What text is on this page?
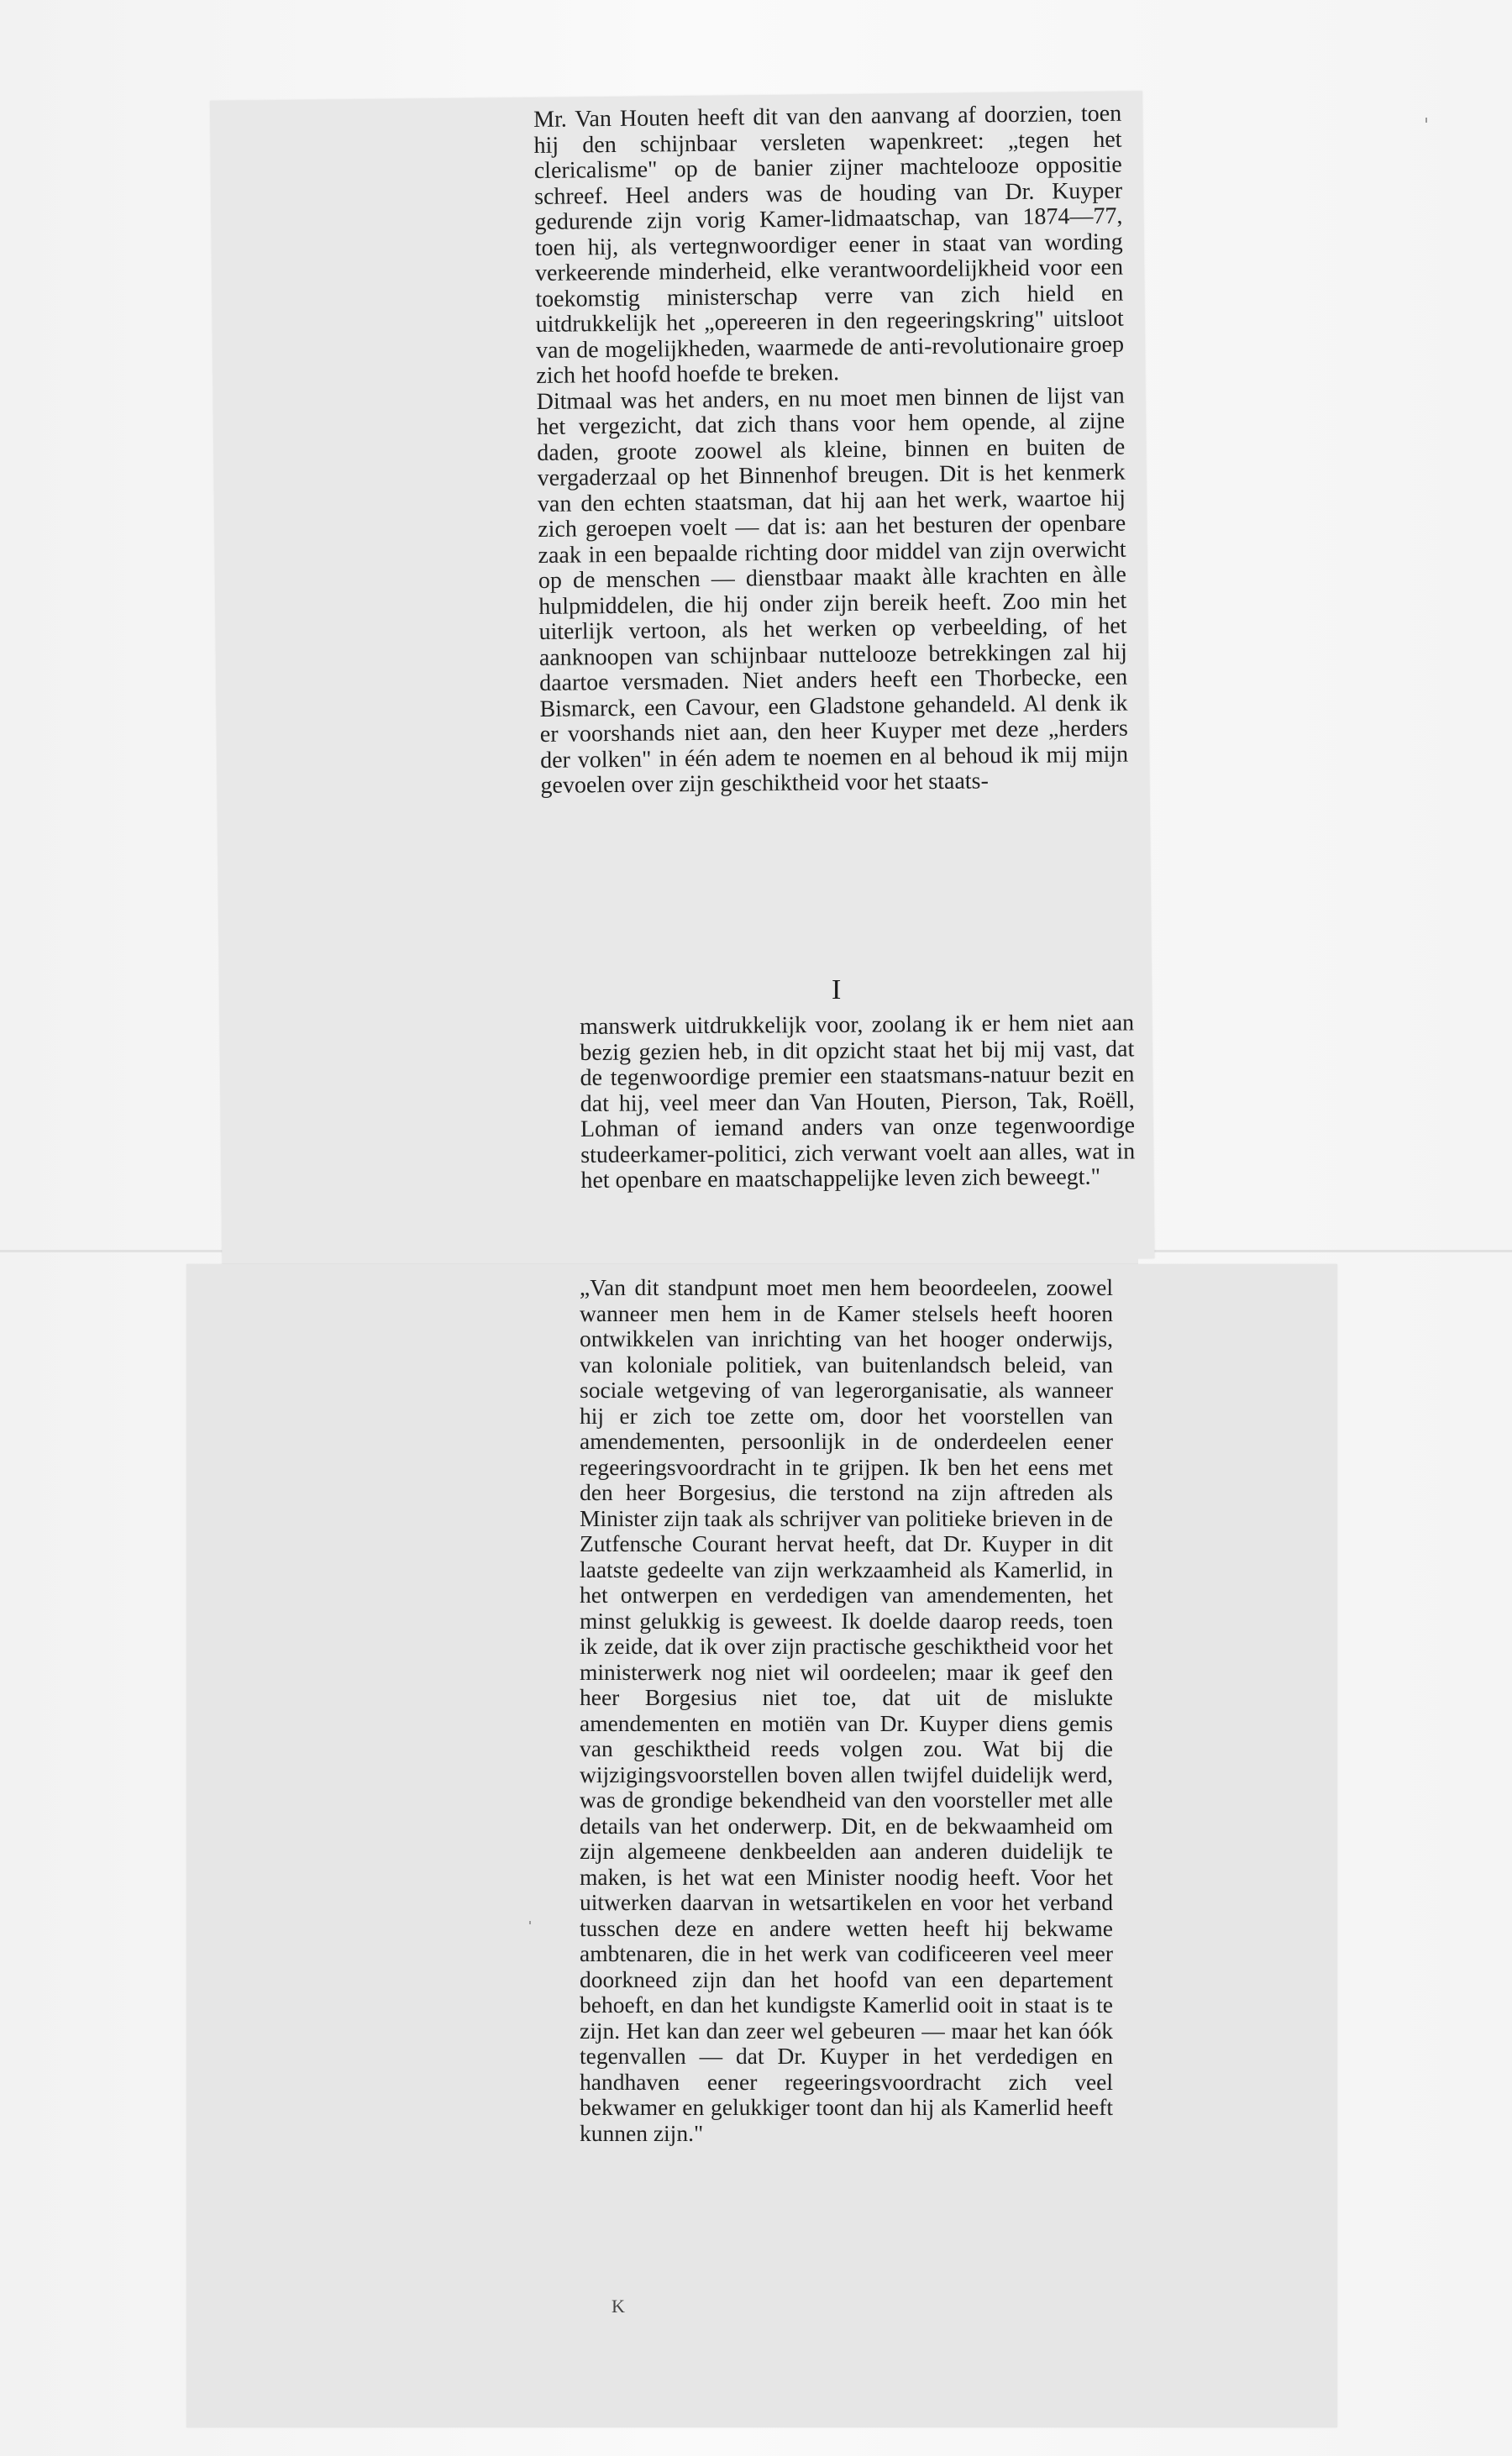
Mr. Van Houten heeft dit van den aanvang af doorzien, toen hij den schijnbaar versleten wapenkreet: „tegen het clericalisme" op de banier zijner machtelooze oppositie schreef. Heel anders was de houding van Dr. Kuyper gedurende zijn vorig Kamer-lidmaatschap, van 1874—77, toen hij, als vertegnwoordiger eener in staat van wording verkeerende minderheid, elke verantwoordelijkheid voor een toekomstig ministerschap verre van zich hield en uitdrukkelijk het „opereeren in den regeeringskring" uitsloot van de mogelijkheden, waarmede de anti-revolutionaire groep zich het hoofd hoefde te breken.

Ditmaal was het anders, en nu moet men binnen de lijst van het vergezicht, dat zich thans voor hem opende, al zijne daden, groote zoowel als kleine, binnen en buiten de vergaderzaal op het Binnenhof breugen. Dit is het kenmerk van den echten staatsman, dat hij aan het werk, waartoe hij zich geroepen voelt — dat is: aan het besturen der openbare zaak in een bepaalde richting door middel van zijn overwicht op de menschen — dienstbaar maakt àlle krachten en àlle hulpmiddelen, die hij onder zijn bereik heeft. Zoo min het uiterlijk vertoon, als het werken op verbeelding, of het aanknoopen van schijnbaar nuttelooze betrekkingen zal hij daartoe versmaden. Niet anders heeft een Thorbecke, een Bismarck, een Cavour, een Gladstone gehandeld. Al denk ik er voorshands niet aan, den heer Kuyper met deze „herders der volken" in één adem te noemen en al behoud ik mij mijn gevoelen over zijn geschiktheid voor het staats-

I

manswerk uitdrukkelijk voor, zoolang ik er hem niet aan bezig gezien heb, in dit opzicht staat het bij mij vast, dat de tegenwoordige premier een staatsmans-natuur bezit en dat hij, veel meer dan Van Houten, Pierson, Tak, Roëll, Lohman of iemand anders van onze tegenwoordige studeerkamer-politici, zich verwant voelt aan alles, wat in het openbare en maatschappelijke leven zich beweegt."

„Van dit standpunt moet men hem beoordeelen, zoowel wanneer men hem in de Kamer stelsels heeft hooren ontwikkelen van inrichting van het hooger onderwijs, van koloniale politiek, van buitenlandsch beleid, van sociale wetgeving of van legerorganisatie, als wanneer hij er zich toe zette om, door het voorstellen van amendementen, persoonlijk in de onderdeelen eener regeeringsvoordracht in te grijpen. Ik ben het eens met den heer Borgesius, die terstond na zijn aftreden als Minister zijn taak als schrijver van politieke brieven in de Zutfensche Courant hervat heeft, dat Dr. Kuyper in dit laatste gedeelte van zijn werkzaamheid als Kamerlid, in het ontwerpen en verdedigen van amendementen, het minst gelukkig is geweest. Ik doelde daarop reeds, toen ik zeide, dat ik over zijn practische geschiktheid voor het ministerwerk nog niet wil oordeelen; maar ik geef den heer Borgesius niet toe, dat uit de mislukte amendementen en motiën van Dr. Kuyper diens gemis van geschiktheid reeds volgen zou. Wat bij die wijzigingsvoorstellen boven allen twijfel duidelijk werd, was de grondige bekendheid van den voorsteller met alle details van het onderwerp. Dit, en de bekwaamheid om zijn algemeene denkbeelden aan anderen duidelijk te maken, is het wat een Minister noodig heeft. Voor het uitwerken daarvan in wetsartikelen en voor het verband tusschen deze en andere wetten heeft hij bekwame ambtenaren, die in het werk van codificeeren veel meer doorkneed zijn dan het hoofd van een departement behoeft, en dan het kundigste Kamerlid ooit in staat is te zijn. Het kan dan zeer wel gebeuren — maar het kan óók tegenvallen — dat Dr. Kuyper in het verdedigen en handhaven eener regeeringsvoordracht zich veel bekwamer en gelukkiger toont dan hij als Kamerlid heeft kunnen zijn."

K
